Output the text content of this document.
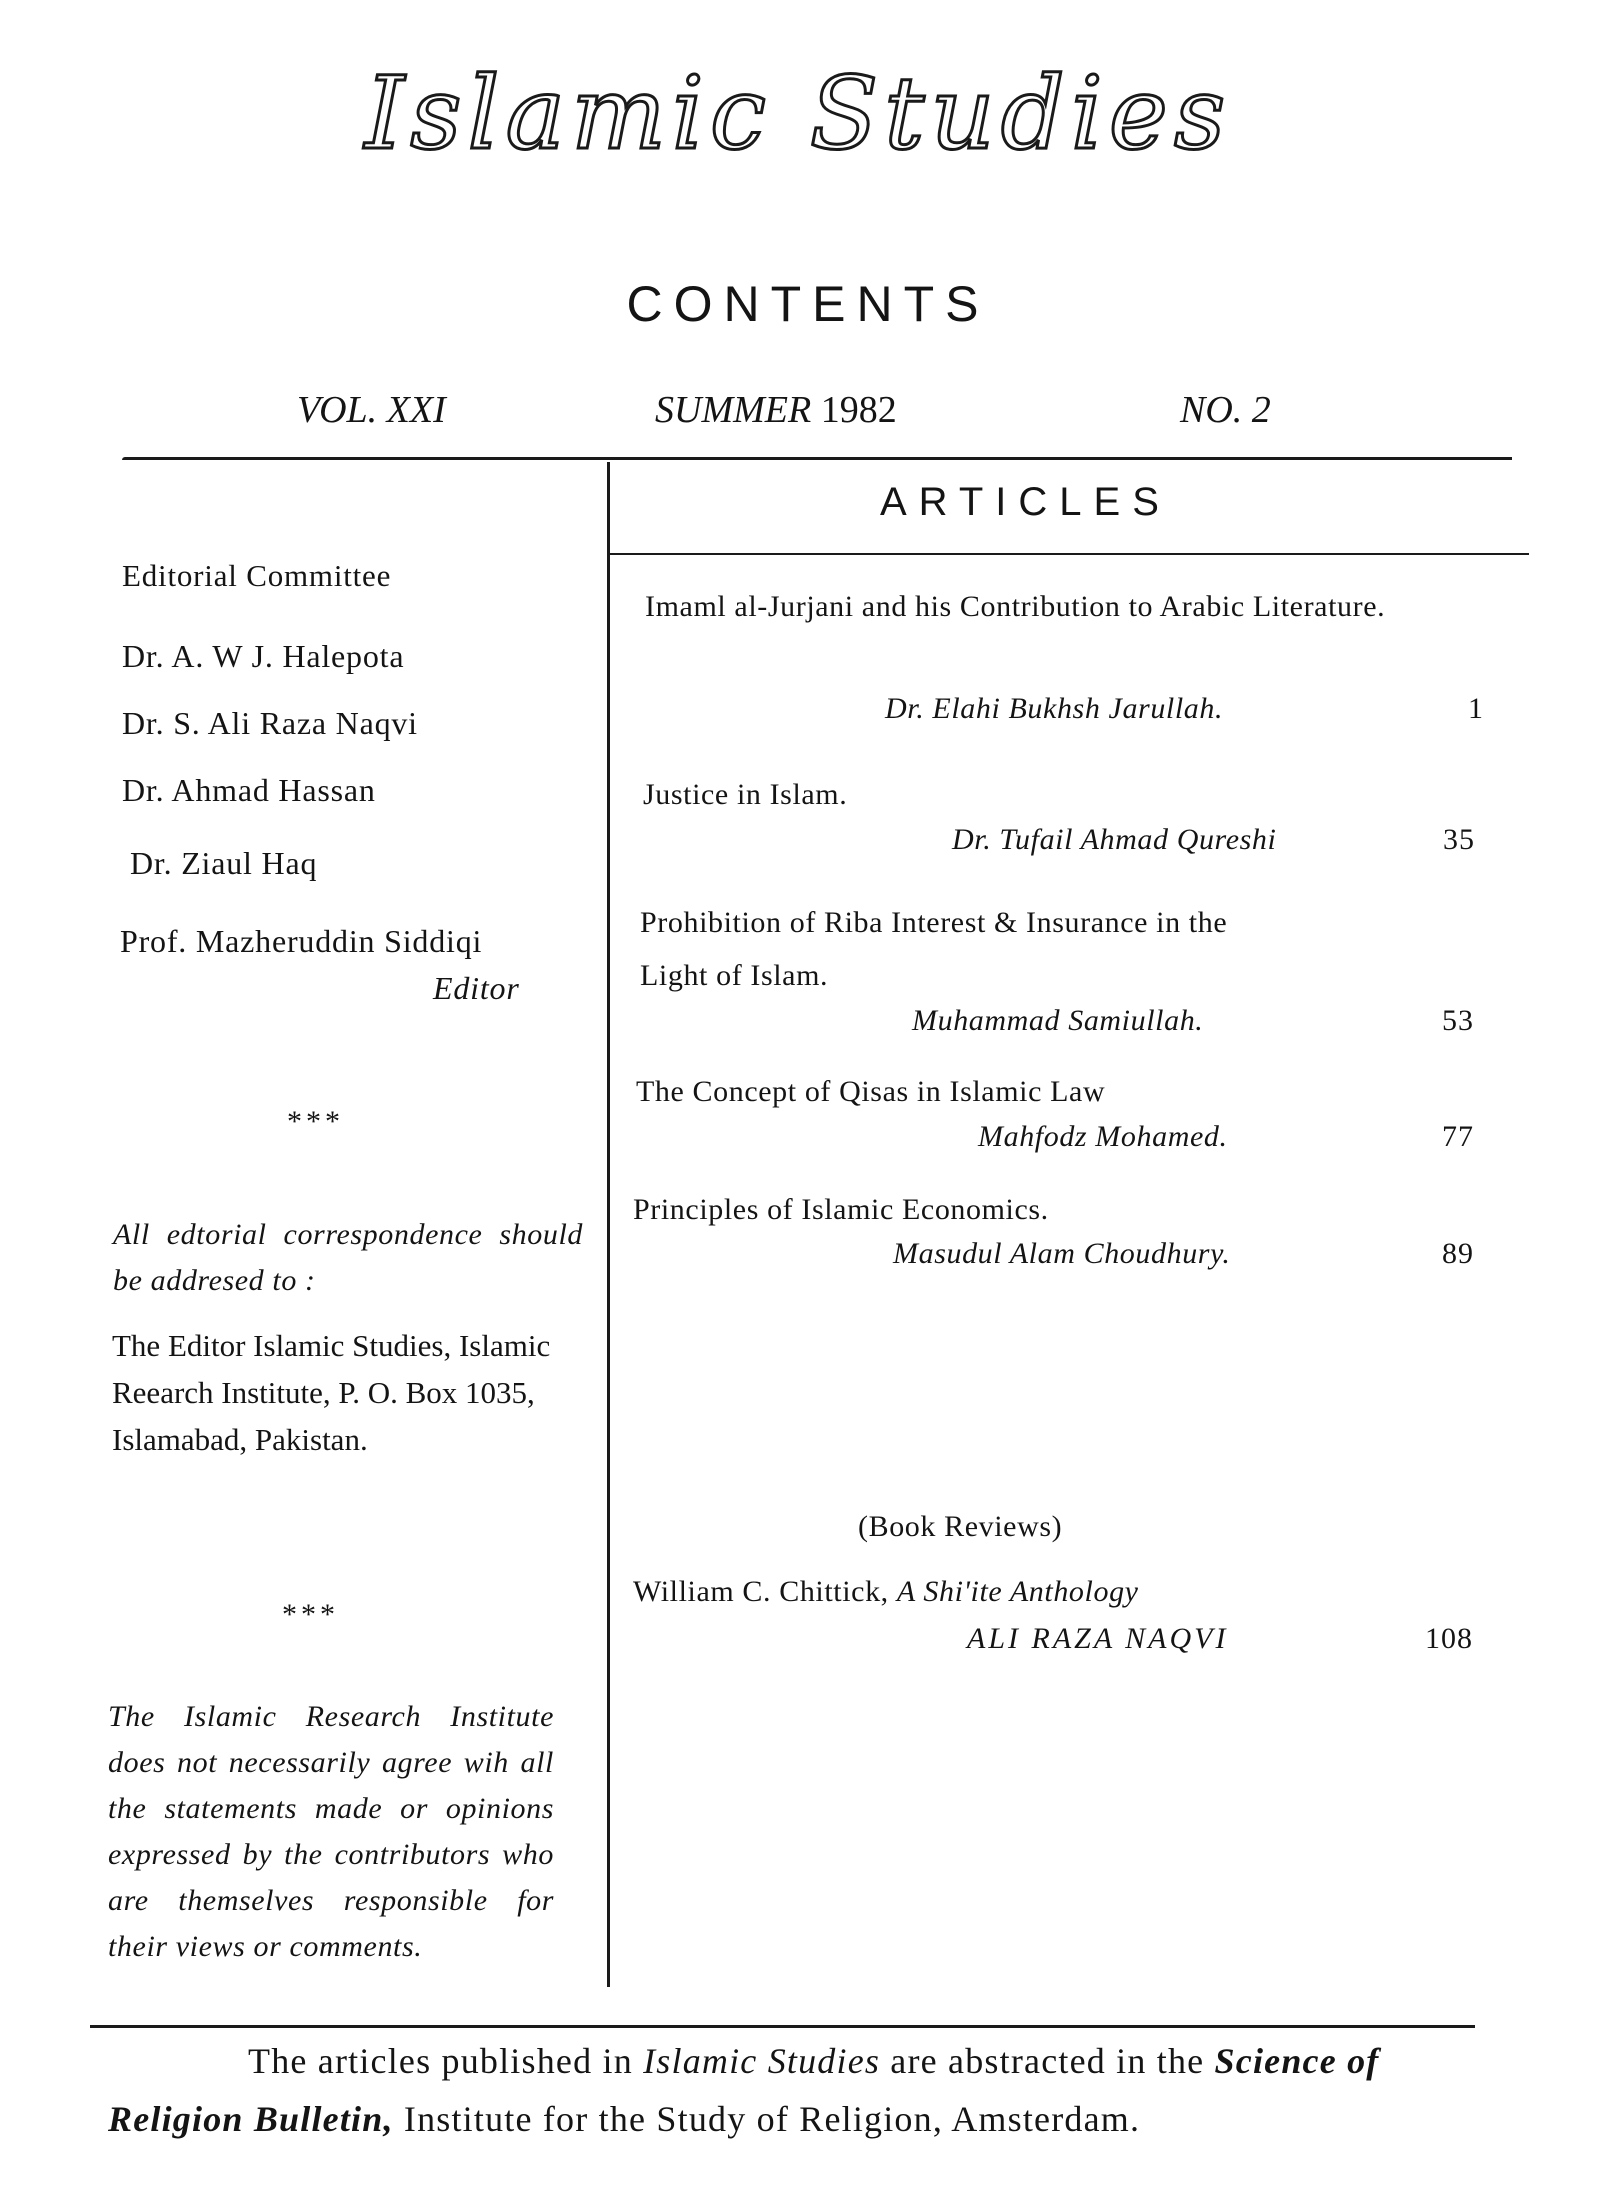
Islamic Studies
CONTENTS
VOL. XXI	SUMMER 1982	NO. 2
ARTICLES
Editorial Committee
Dr. A. W J. Halepota
Dr. S. Ali Raza Naqvi
Dr. Ahmad Hassan
Dr. Ziaul Haq
Prof. Mazheruddin Siddiqi
Editor
***
All edtorial correspondence should be addresed to :
The Editor Islamic Studies, Islamic Reearch Institute, P. O. Box 1035, Islamabad, Pakistan.
***
The Islamic Research Institute does not necessarily agree wih all the statements made or opinions expressed by the contributors who are themselves responsible for their views or comments.
Imaml al-Jurjani and his Contribution to Arabic Literature.
Dr. Elahi Bukhsh Jarullah.	1
Justice in Islam.
Dr. Tufail Ahmad Qureshi	35
Prohibition of Riba Interest & Insurance in the Light of Islam.
Muhammad Samiullah.	53
The Concept of Qisas in Islamic Law
Mahfodz Mohamed.	77
Principles of Islamic Economics.
Masudul Alam Choudhury.	89
(Book Reviews)
William C. Chittick, A Shi'ite Anthology
ALI RAZA NAQVI	108
The articles published in Islamic Studies are abstracted in the Science of Religion Bulletin, Institute for the Study of Religion, Amsterdam.
